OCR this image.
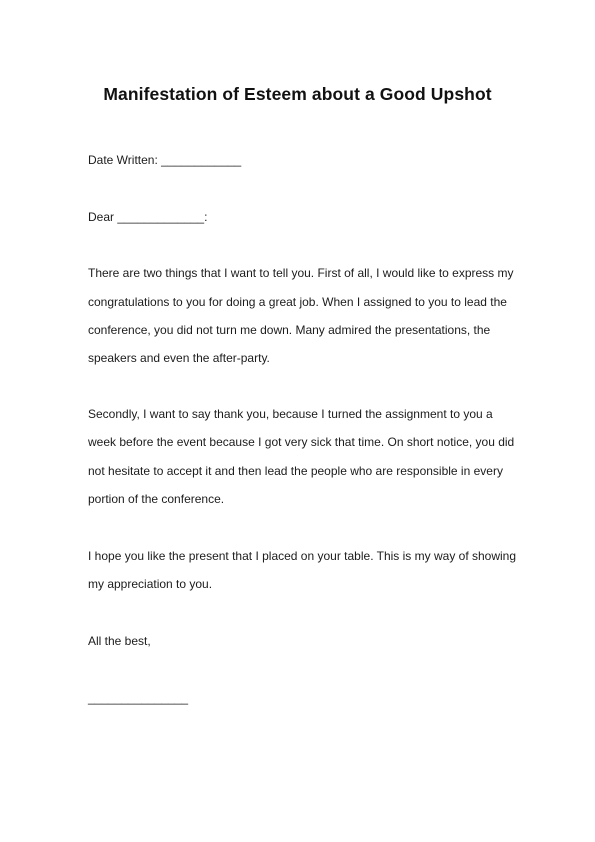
Manifestation of Esteem about a Good Upshot
Date Written: ____________
Dear _____________:
There are two things that I want to tell you. First of all, I would like to express my
congratulations to you for doing a great job. When I assigned to you to lead the
conference, you did not turn me down. Many admired the presentations, the
speakers and even the after-party.
Secondly, I want to say thank you, because I turned the assignment to you a
week before the event because I got very sick that time. On short notice, you did
not hesitate to accept it and then lead the people who are responsible in every
portion of the conference.
I hope you like the present that I placed on your table. This is my way of showing
my appreciation to you.
All the best,
_______________
